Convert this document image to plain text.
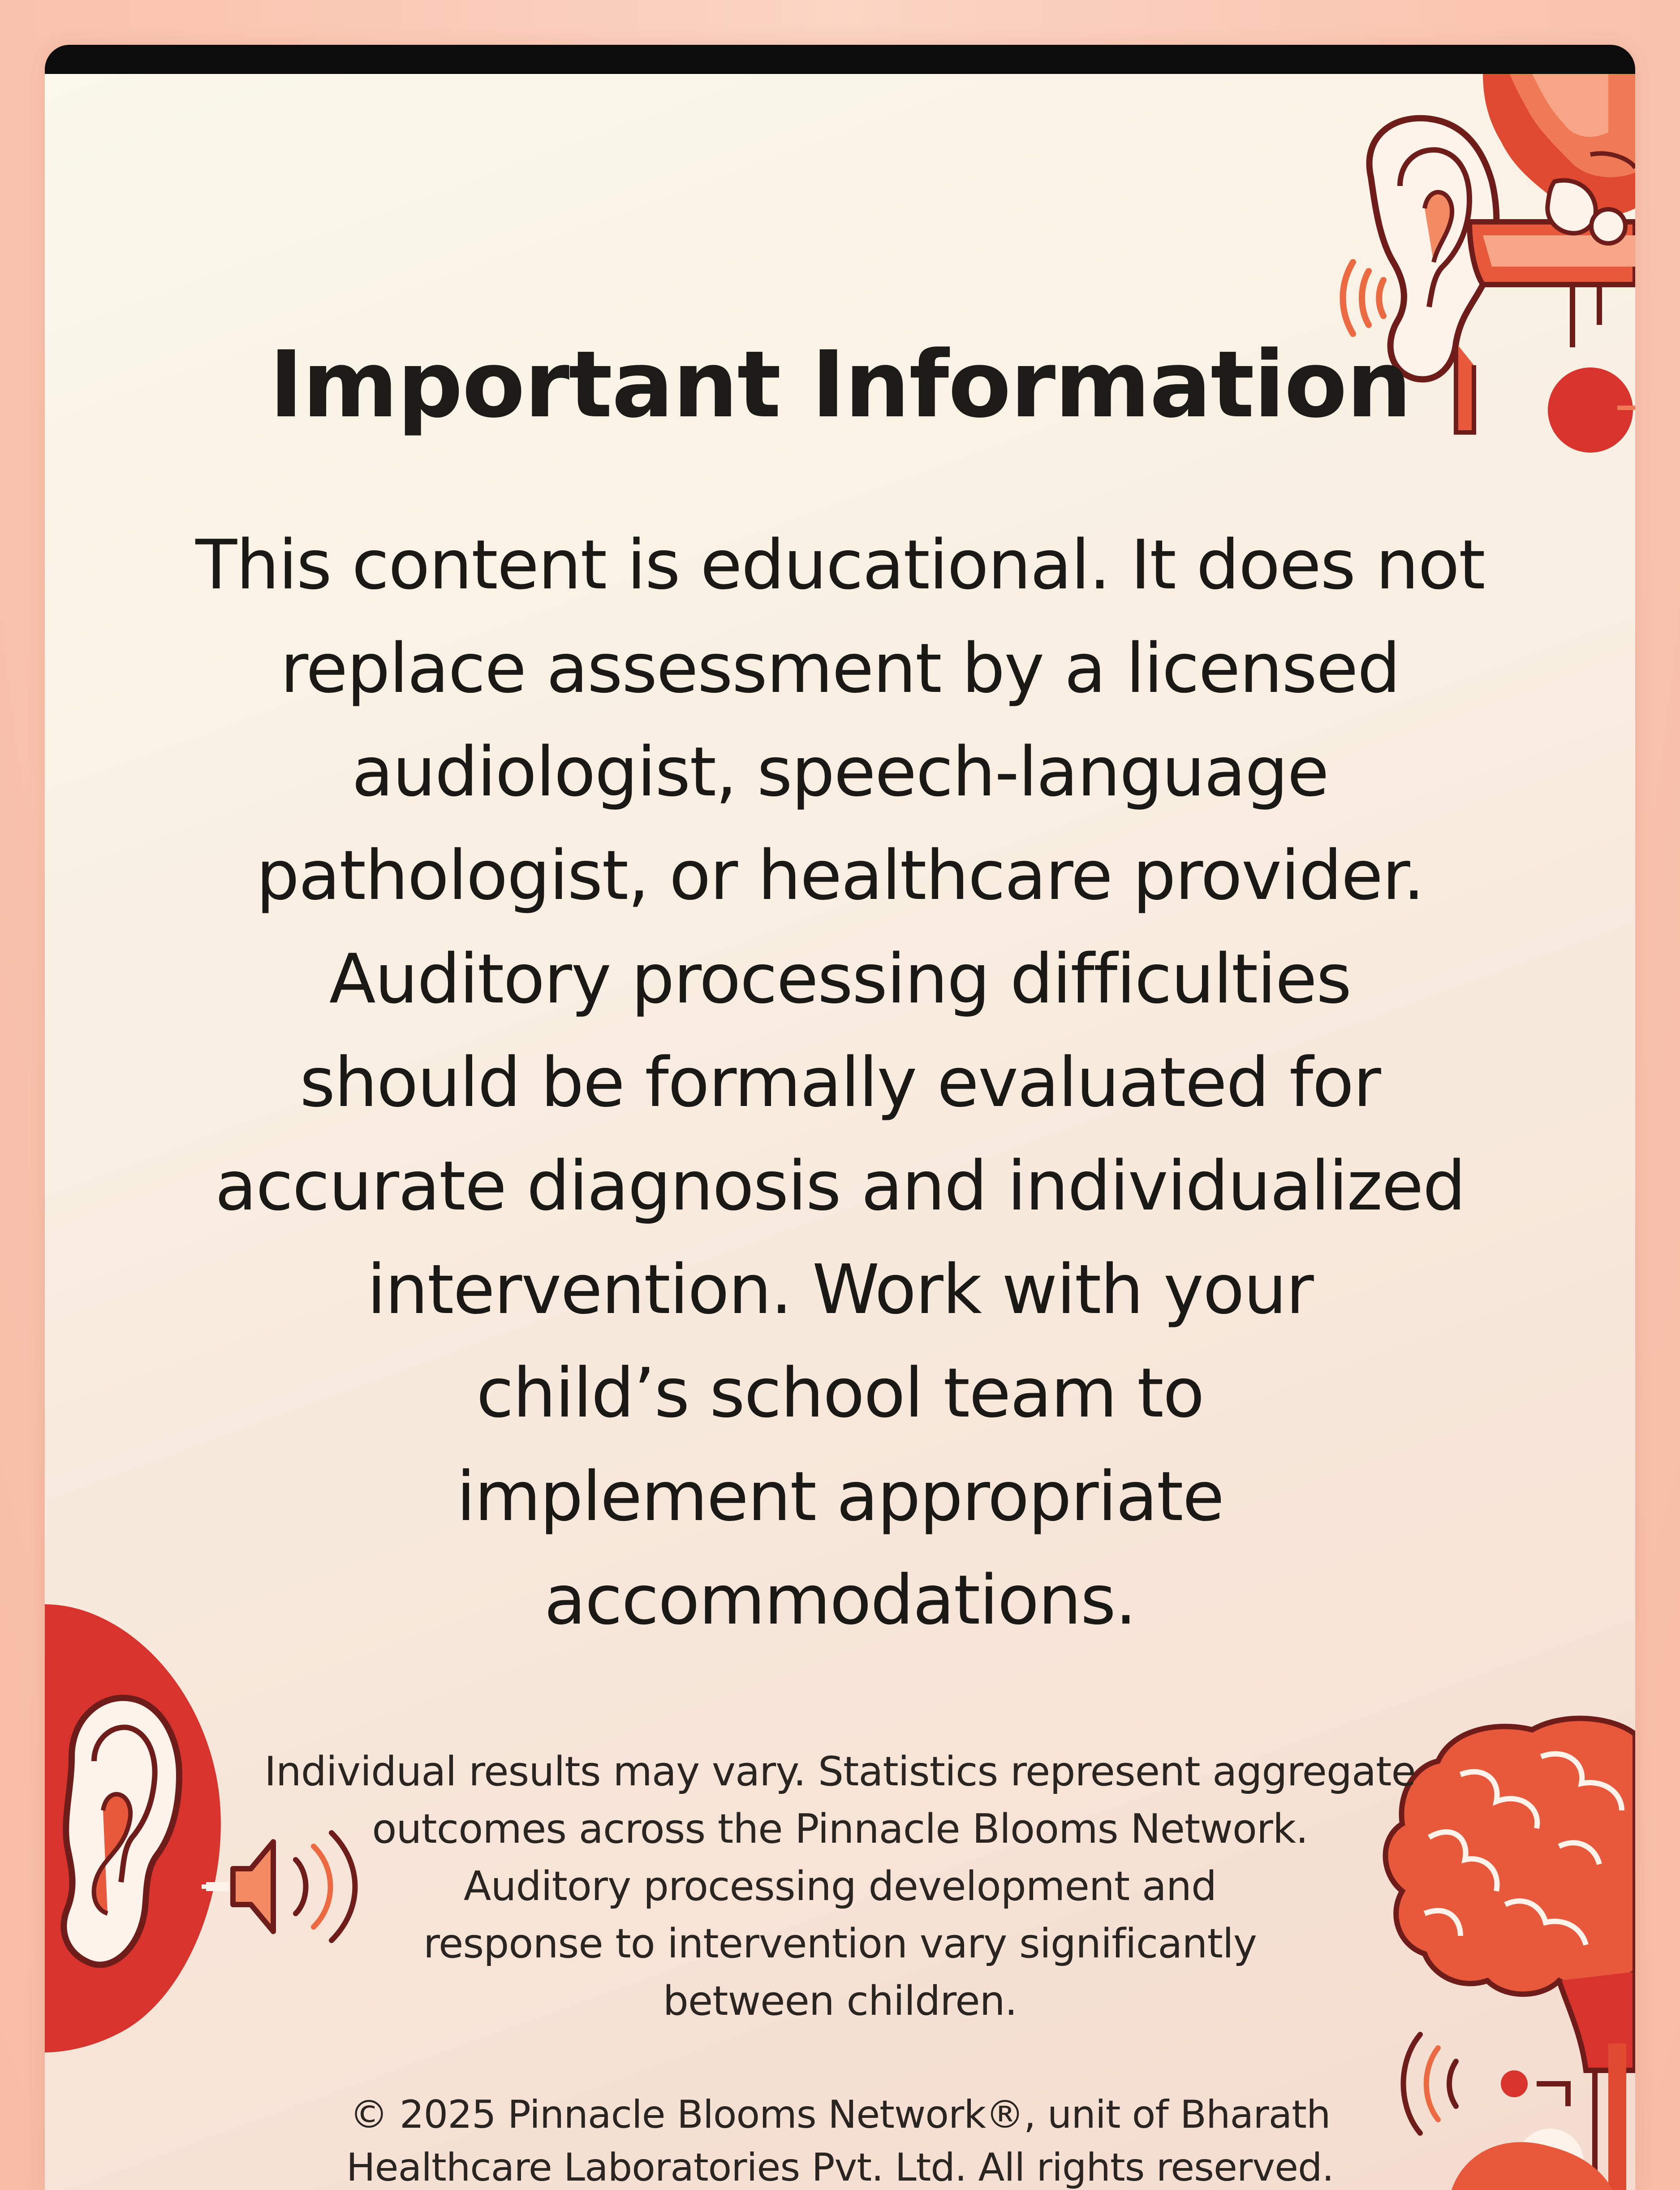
Important Information
This content is educational. It does not
replace assessment by a licensed
audiologist, speech-language
pathologist, or healthcare provider.
Auditory processing difficulties
should be formally evaluated for
accurate diagnosis and individualized
intervention. Work with your
child’s school team to
implement appropriate
accommodations.
Individual results may vary. Statistics represent aggregate
outcomes across the Pinnacle Blooms Network.
Auditory processing development and
response to intervention vary significantly
between children.
© 2025 Pinnacle Blooms Network®, unit of Bharath
Healthcare Laboratories Pvt. Ltd. All rights reserved.
